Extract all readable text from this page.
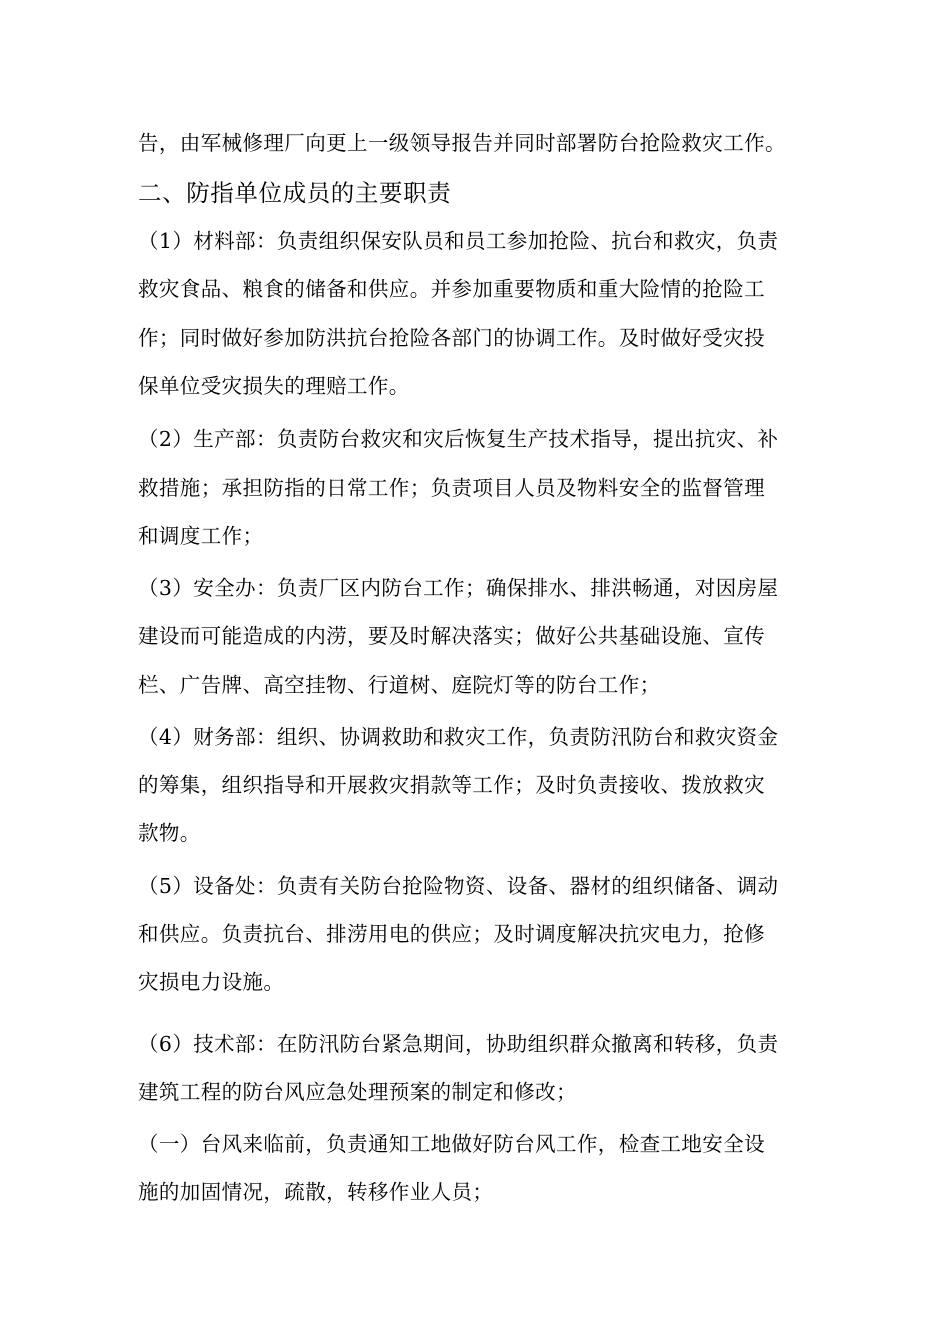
告，由军械修理厂向更上一级领导报告并同时部署防台抢险救灾工作。
二、防指单位成员的主要职责
（1）材料部：负责组织保安队员和员工参加抢险、抗台和救灾，负责
救灾食品、粮食的储备和供应。并参加重要物质和重大险情的抢险工
作；同时做好参加防洪抗台抢险各部门的协调工作。及时做好受灾投
保单位受灾损失的理赔工作。
（2）生产部：负责防台救灾和灾后恢复生产技术指导，提出抗灾、补
救措施；承担防指的日常工作；负责项目人员及物料安全的监督管理
和调度工作；
（3）安全办：负责厂区内防台工作；确保排水、排洪畅通，对因房屋
建设而可能造成的内涝，要及时解决落实；做好公共基础设施、宣传
栏、广告牌、高空挂物、行道树、庭院灯等的防台工作；
（4）财务部：组织、协调救助和救灾工作，负责防汛防台和救灾资金
的筹集，组织指导和开展救灾捐款等工作；及时负责接收、拨放救灾
款物。
（5）设备处：负责有关防台抢险物资、设备、器材的组织储备、调动
和供应。负责抗台、排涝用电的供应；及时调度解决抗灾电力，抢修
灾损电力设施。
（6）技术部：在防汛防台紧急期间，协助组织群众撤离和转移，负责
建筑工程的防台风应急处理预案的制定和修改；
（一）台风来临前，负责通知工地做好防台风工作，检查工地安全设
施的加固情况，疏散，转移作业人员；
